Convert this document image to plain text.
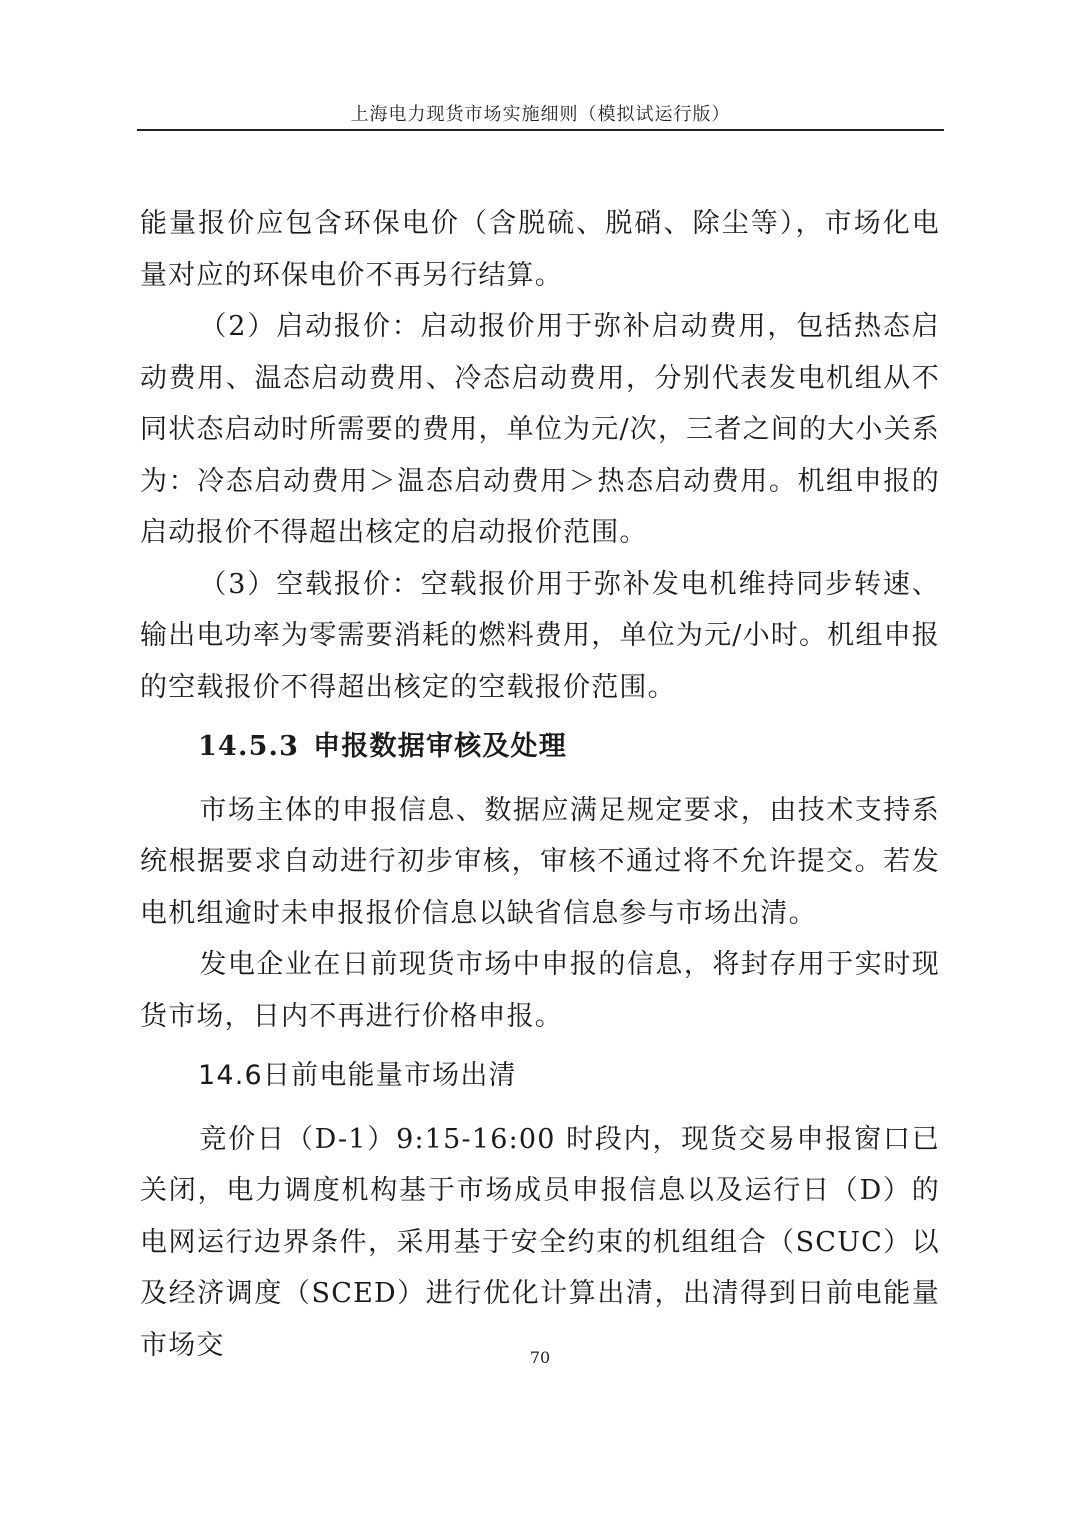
上海电力现货市场实施细则（模拟试运行版）

能量报价应包含环保电价（含脱硫、脱硝、除尘等），市场化电量对应的环保电价不再另行结算。

（2）启动报价：启动报价用于弥补启动费用，包括热态启动费用、温态启动费用、冷态启动费用，分别代表发电机组从不同状态启动时所需要的费用，单位为元/次，三者之间的大小关系为：冷态启动费用＞温态启动费用＞热态启动费用。机组申报的启动报价不得超出核定的启动报价范围。

（3）空载报价：空载报价用于弥补发电机维持同步转速、输出电功率为零需要消耗的燃料费用，单位为元/小时。机组申报的空载报价不得超出核定的空载报价范围。

14.5.3 申报数据审核及处理

市场主体的申报信息、数据应满足规定要求，由技术支持系统根据要求自动进行初步审核，审核不通过将不允许提交。若发电机组逾时未申报报价信息以缺省信息参与市场出清。

发电企业在日前现货市场中申报的信息，将封存用于实时现货市场，日内不再进行价格申报。

14.6日前电能量市场出清

竞价日（D-1）9:15-16:00 时段内，现货交易申报窗口已关闭，电力调度机构基于市场成员申报信息以及运行日（D）的电网运行边界条件，采用基于安全约束的机组组合（SCUC）以及经济调度（SCED）进行优化计算出清，出清得到日前电能量市场交	70
